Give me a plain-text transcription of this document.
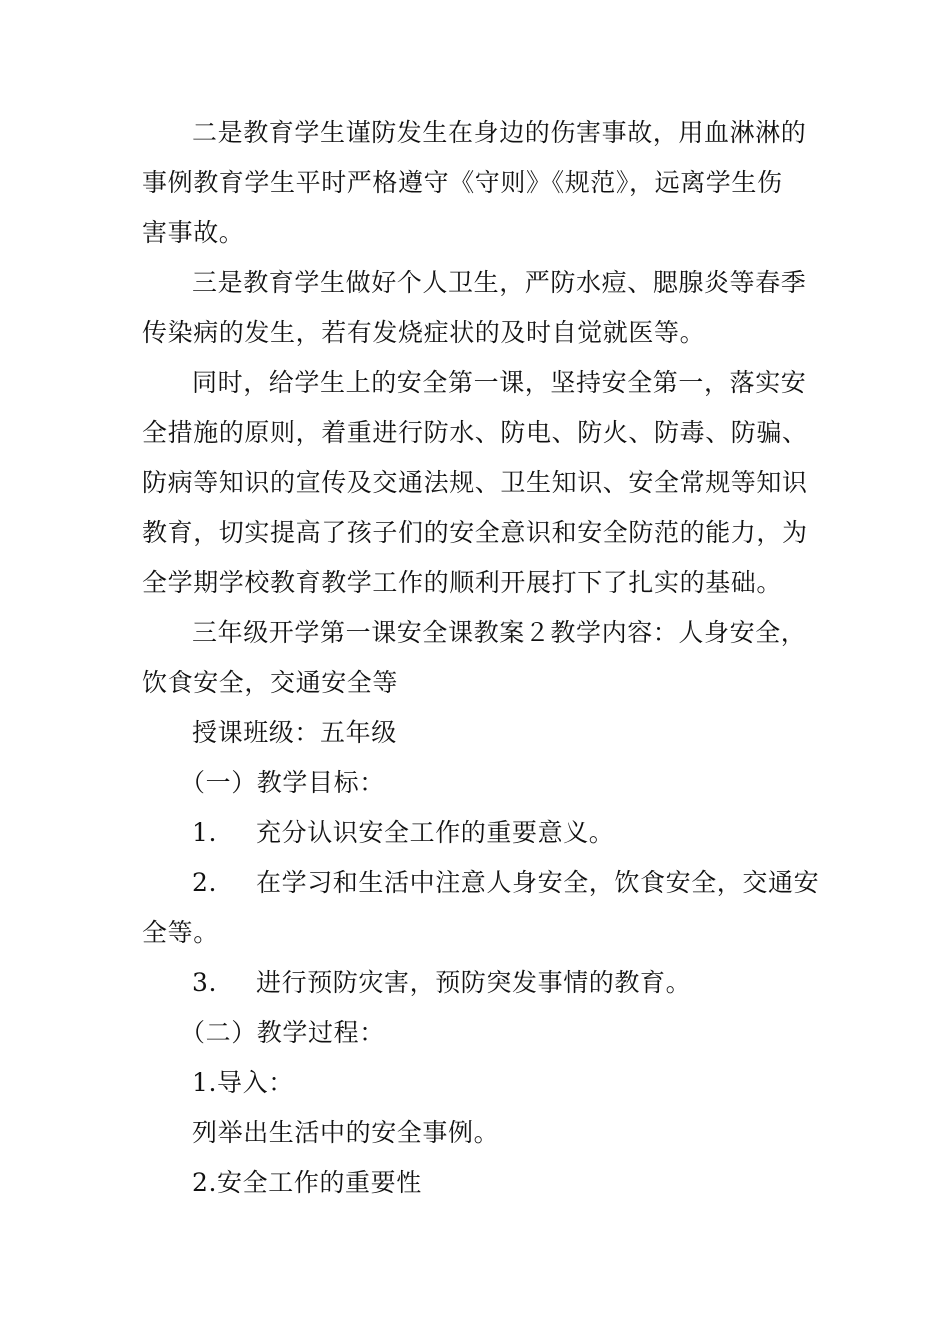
二是教育学生谨防发生在身边的伤害事故，用血淋淋的
事例教育学生平时严格遵守《守则》《规范》，远离学生伤
害事故。
三是教育学生做好个人卫生，严防水痘、腮腺炎等春季
传染病的发生，若有发烧症状的及时自觉就医等。
同时，给学生上的安全第一课，坚持安全第一，落实安
全措施的原则，着重进行防水、防电、防火、防毒、防骗、
防病等知识的宣传及交通法规、卫生知识、安全常规等知识
教育，切实提高了孩子们的安全意识和安全防范的能力，为
全学期学校教育教学工作的顺利开展打下了扎实的基础。
三年级开学第一课安全课教案２教学内容：人身安全，
饮食安全，交通安全等
授课班级：五年级
（一）教学目标：
1. 充分认识安全工作的重要意义。
2. 在学习和生活中注意人身安全，饮食安全，交通安
全等。
3. 进行预防灾害，预防突发事情的教育。
（二）教学过程：
1.导入：
列举出生活中的安全事例。
2.安全工作的重要性
